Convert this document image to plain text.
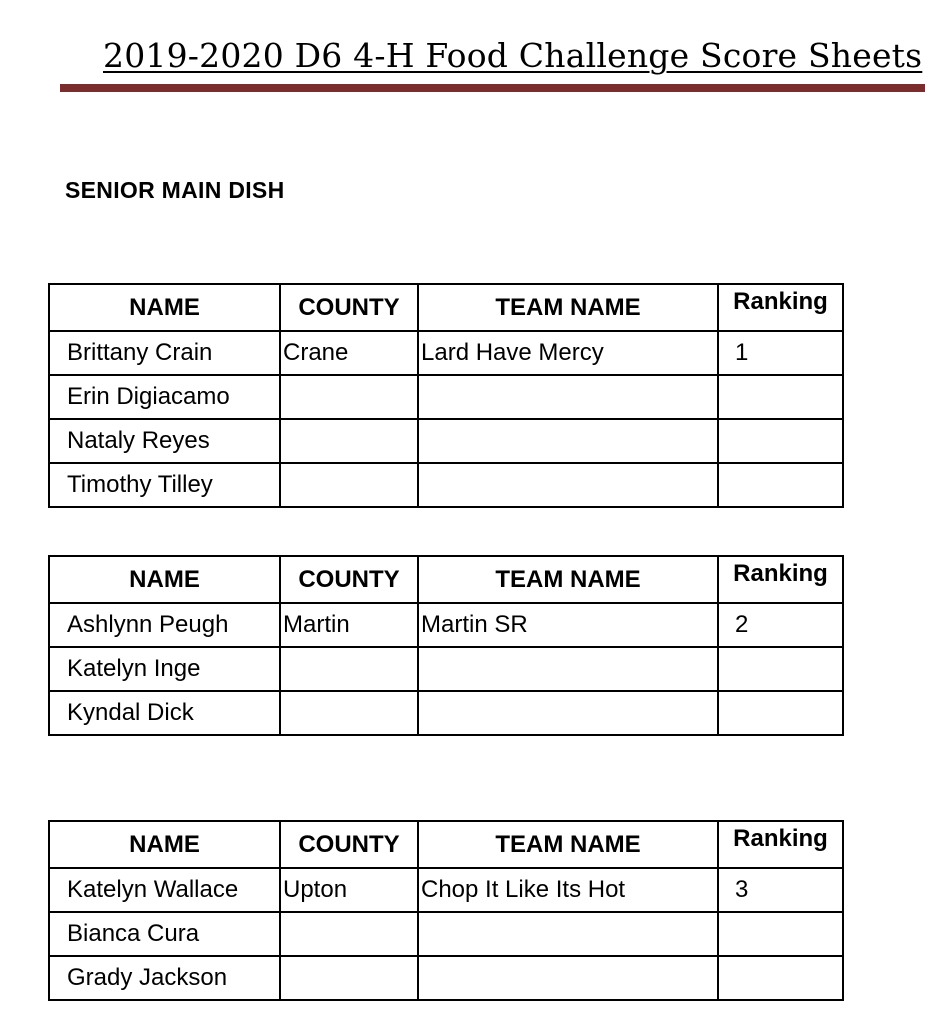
2019-2020 D6 4-H Food Challenge Score Sheets
SENIOR MAIN DISH
NAME	COUNTY	TEAM NAME	Ranking
Brittany Crain	Crane	Lard Have Mercy	1
Erin Digiacamo			
Nataly Reyes			
Timothy Tilley			
NAME	COUNTY	TEAM NAME	Ranking
Ashlynn Peugh	Martin	Martin SR	2
Katelyn Inge			
Kyndal Dick			
NAME	COUNTY	TEAM NAME	Ranking
Katelyn Wallace	Upton	Chop It Like Its Hot	3
Bianca Cura			
Grady Jackson			
